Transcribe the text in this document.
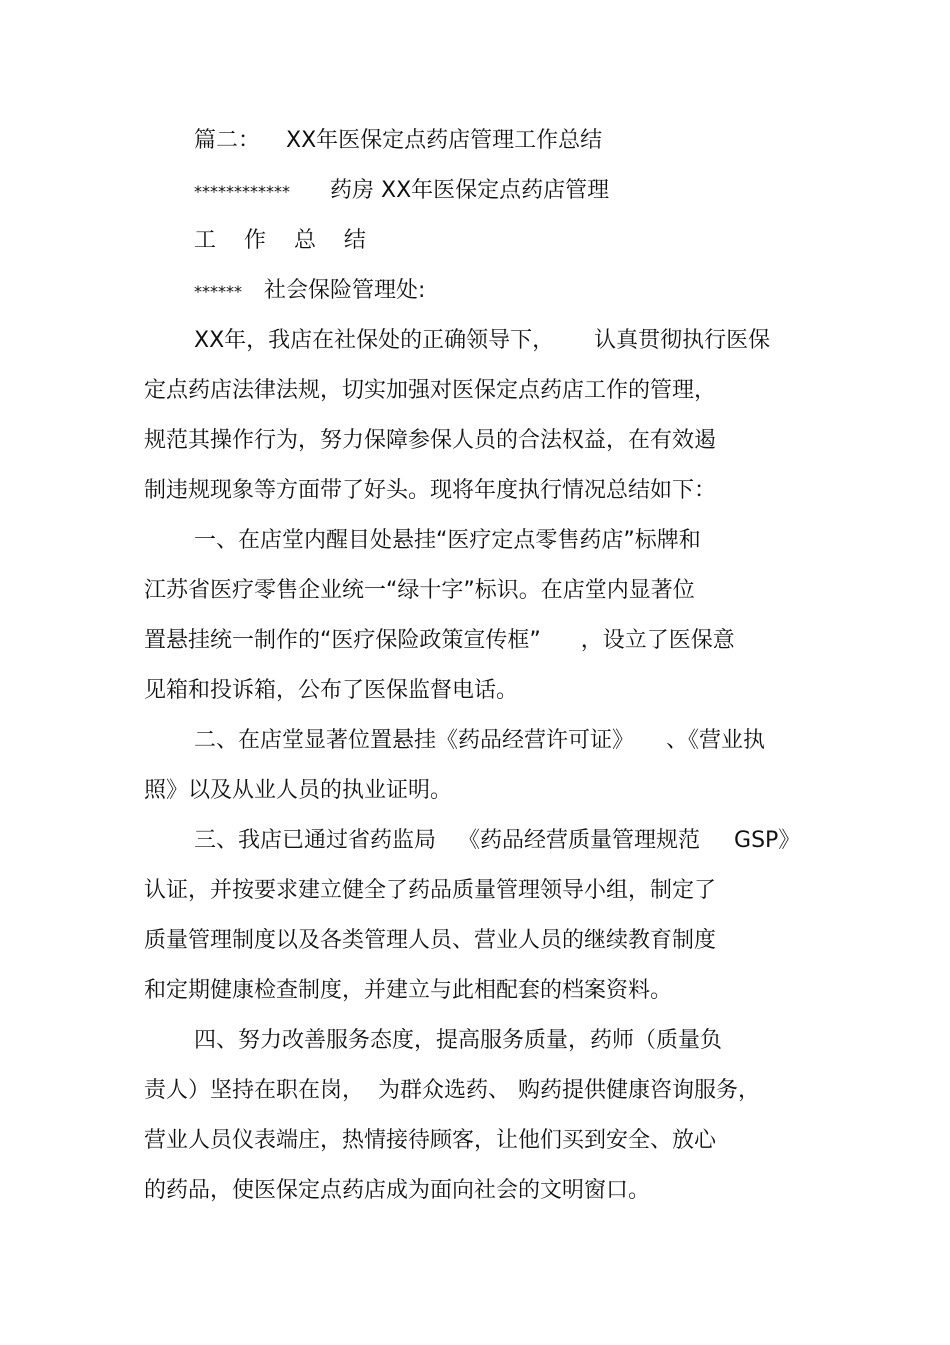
篇二： XX年医保定点药店管理工作总结
************ 药房 XX年医保定点药店管理
工    作    总    结
****** 社会保险管理处:
XX年，我店在社保处的正确领导下， 认真贯彻执行医保
定点药店法律法规，切实加强对医保定点药店工作的管理，
规范其操作行为，努力保障参保人员的合法权益，在有效遏
制违规现象等方面带了好头。现将年度执行情况总结如下：
一、在店堂内醒目处悬挂“医疗定点零售药店”标牌和
江苏省医疗零售企业统一“绿十字”标识。在店堂内显著位
置悬挂统一制作的“医疗保险政策宣传框” ，设立了医保意
见箱和投诉箱，公布了医保监督电话。
二、在店堂显著位置悬挂《药品经营许可证》 、《营业执
照》以及从业人员的执业证明。
三、我店已通过省药监局 《药品经营质量管理规范 GSP》
认证，并按要求建立健全了药品质量管理领导小组，制定了
质量管理制度以及各类管理人员、营业人员的继续教育制度
和定期健康检查制度，并建立与此相配套的档案资料。
四、努力改善服务态度，提高服务质量，药师（质量负
责人）坚持在职在岗， 为群众选药、 购药提供健康咨询服务，
营业人员仪表端庄，热情接待顾客，让他们买到安全、放心
的药品，使医保定点药店成为面向社会的文明窗口。
